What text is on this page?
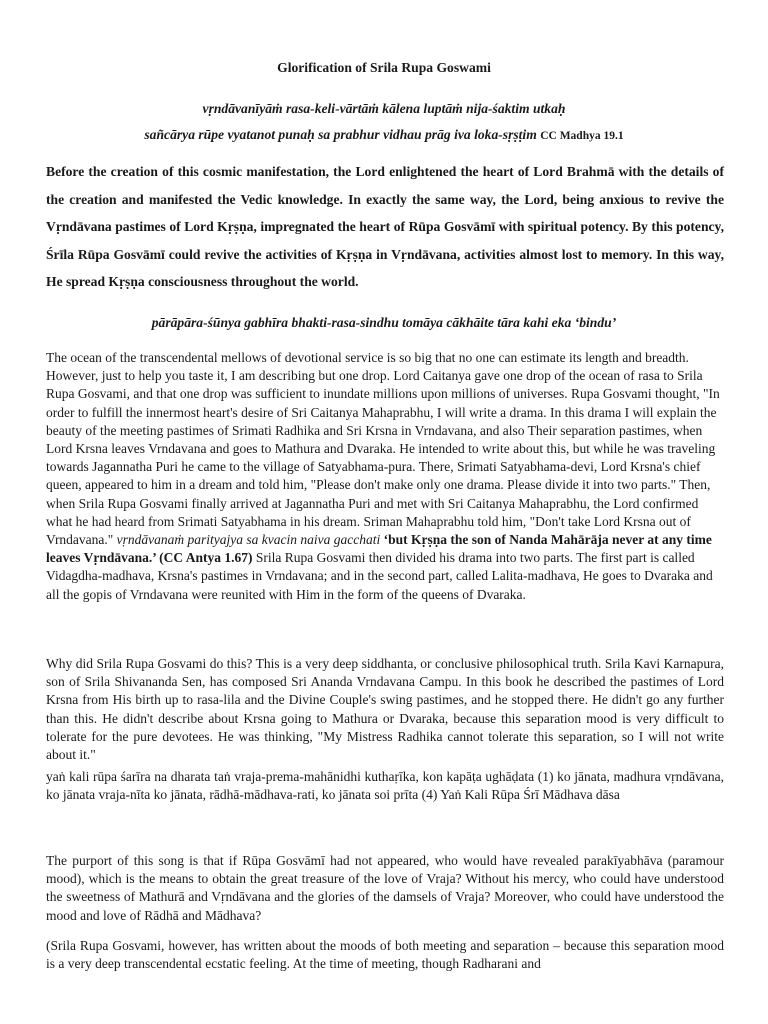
Glorification of Srila Rupa Goswami
vṛndāvanīyāṁ rasa-keli-vārtāṁ kālena luptāṁ nija-śaktim utkaḥ
sañcārya rūpe vyatanot punaḥ sa prabhur vidhau prāg iva loka-sṛṣṭim CC Madhya 19.1
Before the creation of this cosmic manifestation, the Lord enlightened the heart of Lord Brahmā with the details of the creation and manifested the Vedic knowledge. In exactly the same way, the Lord, being anxious to revive the Vṛndāvana pastimes of Lord Kṛṣṇa, impregnated the heart of Rūpa Gosvāmī with spiritual potency. By this potency, Śrīla Rūpa Gosvāmī could revive the activities of Kṛṣṇa in Vṛndāvana, activities almost lost to memory. In this way, He spread Kṛṣṇa consciousness throughout the world.
pārāpāra-śūnya gabhīra bhakti-rasa-sindhu tomāya cākhāite tāra kahi eka ‘bindu’
The ocean of the transcendental mellows of devotional service is so big that no one can estimate its length and breadth. However, just to help you taste it, I am describing but one drop. Lord Caitanya gave one drop of the ocean of rasa to Srila Rupa Gosvami, and that one drop was sufficient to inundate millions upon millions of universes. Rupa Gosvami thought, "In order to fulfill the innermost heart's desire of Sri Caitanya Mahaprabhu, I will write a drama. In this drama I will explain the beauty of the meeting pastimes of Srimati Radhika and Sri Krsna in Vrndavana, and also Their separation pastimes, when Lord Krsna leaves Vrndavana and goes to Mathura and Dvaraka. He intended to write about this, but while he was traveling towards Jagannatha Puri he came to the village of Satyabhama-pura. There, Srimati Satyabhama-devi, Lord Krsna's chief queen, appeared to him in a dream and told him, "Please don't make only one drama. Please divide it into two parts." Then, when Srila Rupa Gosvami finally arrived at Jagannatha Puri and met with Sri Caitanya Mahaprabhu, the Lord confirmed what he had heard from Srimati Satyabhama in his dream. Sriman Mahaprabhu told him, "Don't take Lord Krsna out of Vrndavana." vṛndāvanaṁ parityajya sa kvacin naiva gacchati ‘but Kṛṣṇa the son of Nanda Mahārāja never at any time leaves Vṛndāvana.’ (CC Antya 1.67) Srila Rupa Gosvami then divided his drama into two parts. The first part is called Vidagdha-madhava, Krsna's pastimes in Vrndavana; and in the second part, called Lalita-madhava, He goes to Dvaraka and all the gopis of Vrndavana were reunited with Him in the form of the queens of Dvaraka.
Why did Srila Rupa Gosvami do this? This is a very deep siddhanta, or conclusive philosophical truth. Srila Kavi Karnapura, son of Srila Shivananda Sen, has composed Sri Ananda Vrndavana Campu. In this book he described the pastimes of Lord Krsna from His birth up to rasa-lila and the Divine Couple's swing pastimes, and he stopped there. He didn't go any further than this. He didn't describe about Krsna going to Mathura or Dvaraka, because this separation mood is very difficult to tolerate for the pure devotees. He was thinking, "My Mistress Radhika cannot tolerate this separation, so I will not write about it."
yaṅ kali rūpa śarīra na dharata taṅ vraja-prema-mahānidhi kuthaṛīka, kon kapāṭa ughāḍata (1) ko jānata, madhura vṛndāvana, ko jānata vraja-nīta ko jānata, rādhā-mādhava-rati, ko jānata soi prīta (4) Yaṅ Kali Rūpa Śrī Mādhava dāsa
The purport of this song is that if Rūpa Gosvāmī had not appeared, who would have revealed parakīyabhāva (paramour mood), which is the means to obtain the great treasure of the love of Vraja? Without his mercy, who could have understood the sweetness of Mathurā and Vṛndāvana and the glories of the damsels of Vraja? Moreover, who could have understood the mood and love of Rādhā and Mādhava?
(Srila Rupa Gosvami, however, has written about the moods of both meeting and separation – because this separation mood is a very deep transcendental ecstatic feeling. At the time of meeting, though Radharani and
